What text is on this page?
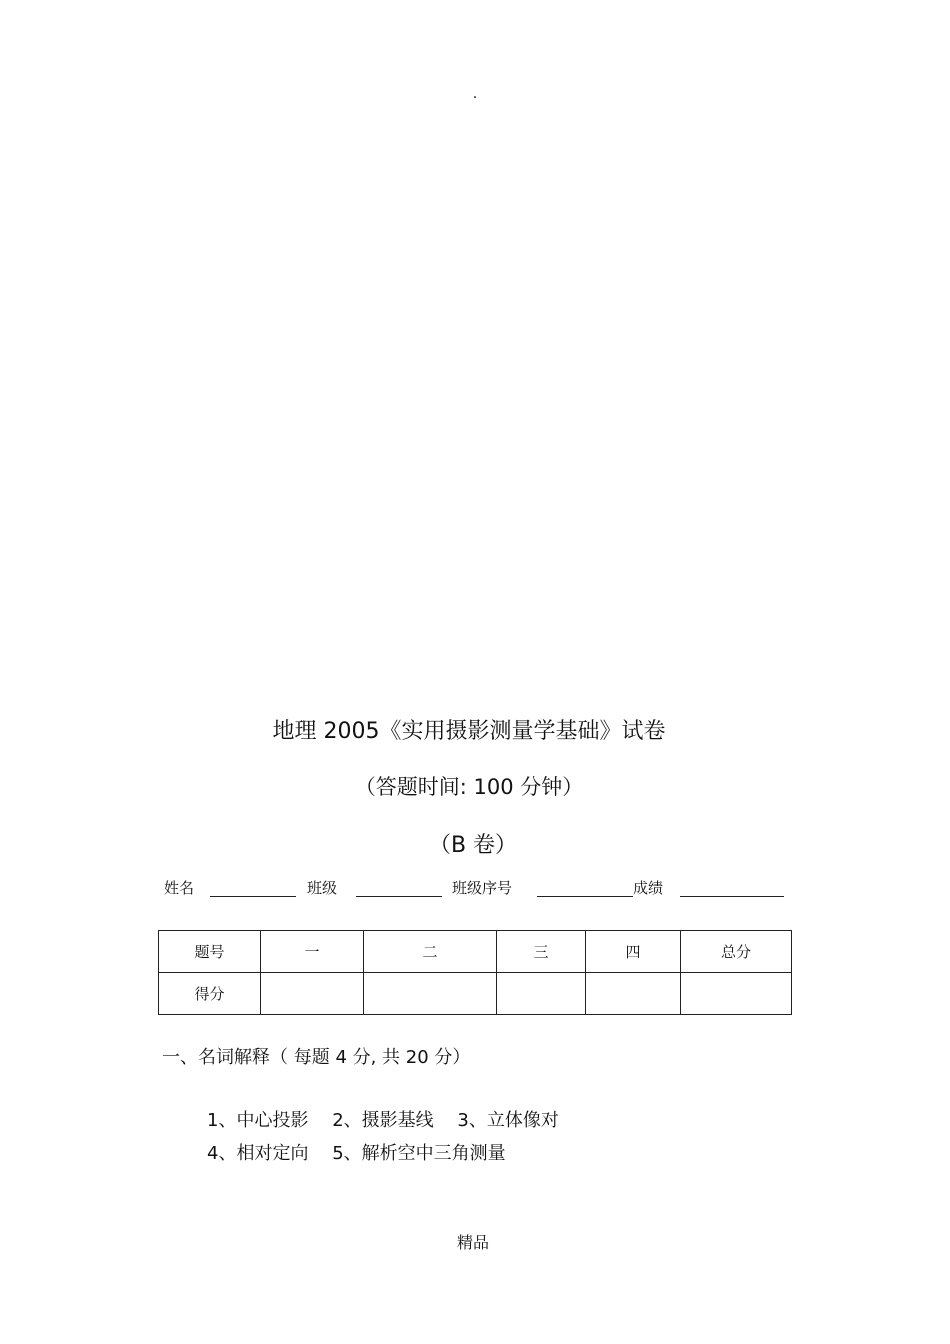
.
地理 2005《实用摄影测量学基础》试卷
（答题时间: 100 分钟）
（B 卷）
姓名	班级	班级序号	成绩
题号	一	二	三	四	总分
得分					
一、名词解释（ 每题 4 分, 共 20 分）
1、中心投影 2、摄影基线 3、立体像对
4、相对定向 5、解析空中三角测量
精品
